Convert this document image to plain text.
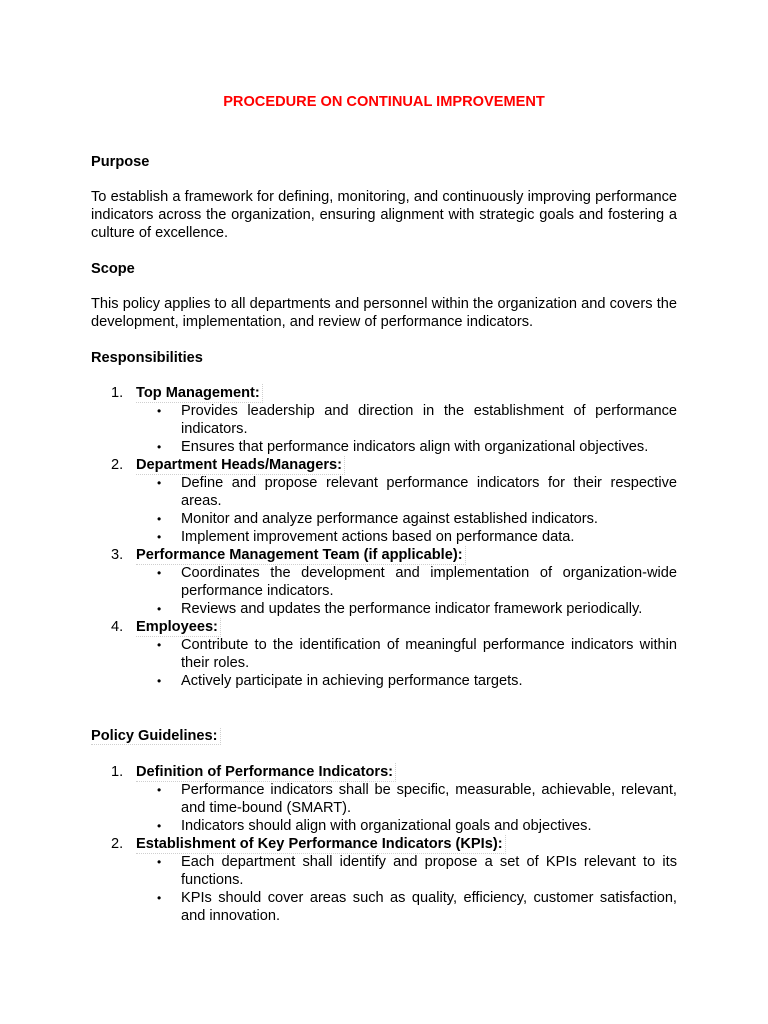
PROCEDURE ON CONTINUAL IMPROVEMENT
Purpose
To establish a framework for defining, monitoring, and continuously improving performance indicators across the organization, ensuring alignment with strategic goals and fostering a culture of excellence.
Scope
This policy applies to all departments and personnel within the organization and covers the development, implementation, and review of performance indicators.
Responsibilities
1. Top Management:
• Provides leadership and direction in the establishment of performance indicators.
• Ensures that performance indicators align with organizational objectives.
2. Department Heads/Managers:
• Define and propose relevant performance indicators for their respective areas.
• Monitor and analyze performance against established indicators.
• Implement improvement actions based on performance data.
3. Performance Management Team (if applicable):
• Coordinates the development and implementation of organization-wide performance indicators.
• Reviews and updates the performance indicator framework periodically.
4. Employees:
• Contribute to the identification of meaningful performance indicators within their roles.
• Actively participate in achieving performance targets.
Policy Guidelines:
1. Definition of Performance Indicators:
• Performance indicators shall be specific, measurable, achievable, relevant, and time-bound (SMART).
• Indicators should align with organizational goals and objectives.
2. Establishment of Key Performance Indicators (KPIs):
• Each department shall identify and propose a set of KPIs relevant to its functions.
• KPIs should cover areas such as quality, efficiency, customer satisfaction, and innovation.
